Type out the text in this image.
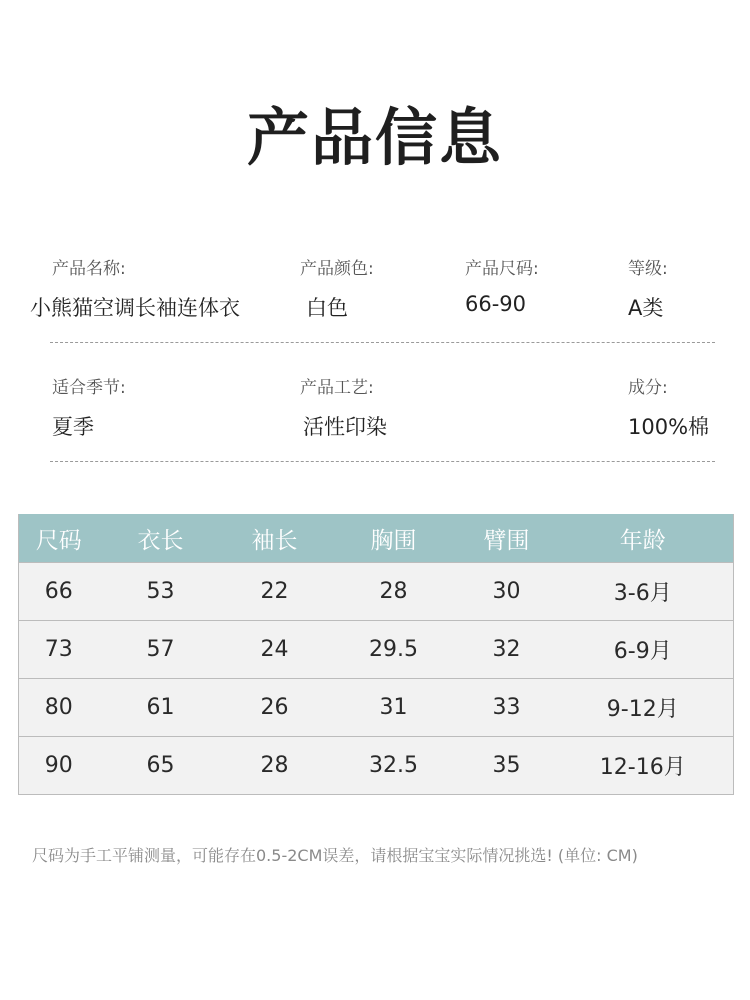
产品信息
产品名称:
小熊猫空调长袖连体衣
产品颜色:
白色
产品尺码:
66-90
等级:
A类
适合季节:
夏季
产品工艺:
活性印染
成分:
100%棉
尺码	衣长	袖长	胸围	臂围	年龄
66	53	22	28	30	3-6月
73	57	24	29.5	32	6-9月
80	61	26	31	33	9-12月
90	65	28	32.5	35	12-16月
尺码为手工平铺测量，可能存在0.5-2CM误差，请根据宝宝实际情况挑选! (单位: CM)
